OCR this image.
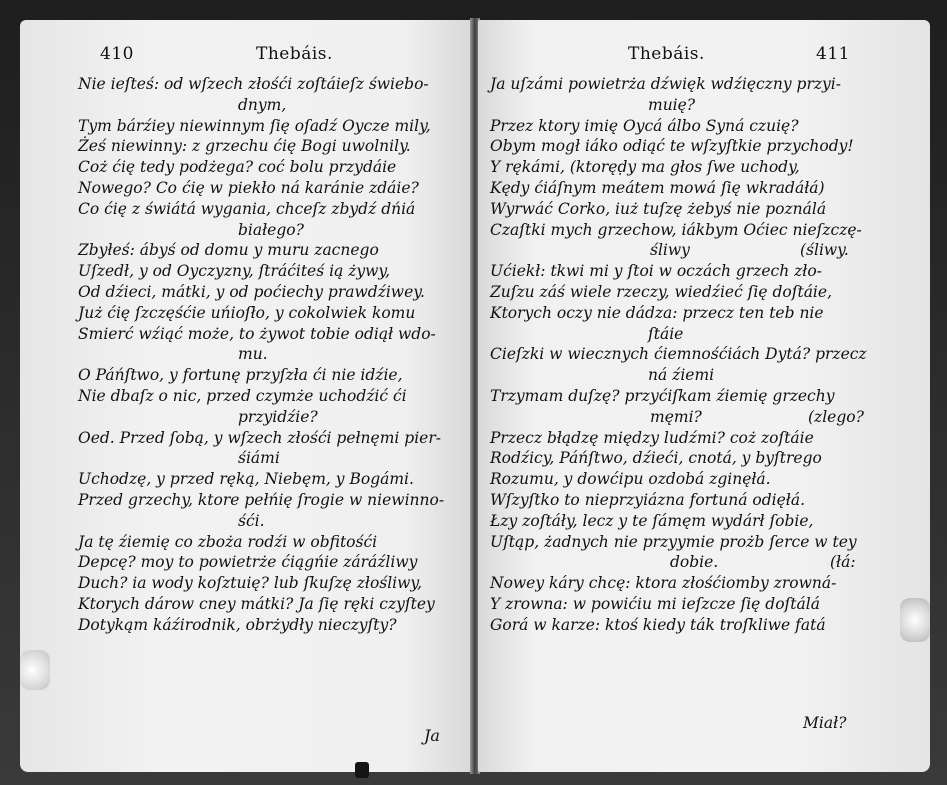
410	Thebáis.
Nie ieſteś: od wſzech złośći zoſtáieſz świebo-
dnym,
Tym bárźiey niewinnym ſię oſadź Oycze mily,
Żeś niewinny: z grzechu ćię Bogi uwolnily.
Coż ćię tedy podżega? coć bolu przydáie
Nowego? Co ćię w piekło ná karánie zdáie?
Co ćię z świátá wygania, chceſz zbydź dńiá
białego?
Zbyłeś: ábyś od domu y muru zacnego
Uſzedł, y od Oyczyzny, ſtráćiteś ią żywy,
Od dźieci, mátki, y od poćiechy prawdźiwey.
Już ćię ſzczęśćie uńioſło, y cokolwiek komu
Smierć wźiąć może, to żywot tobie odiął wdo-
mu.
O Páńſtwo, y fortunę przyſzła ći nie idźie,
Nie dbaſz o nic, przed czymże uchodźić ći
przyidźie?
Oed. Przed ſobą, y wſzech złośći pełnęmi pier-
śiámi
Uchodzę, y przed ręką, Niebęm, y Bogámi.
Przed grzechy, ktore pełńię ſrogie w niewinno-
śći.
Ja tę źiemię co zboża rodźi w obfitośći
Depcę? moy to powietrże ćiągńie záráźliwy
Duch? ia wody koſztuię? lub ſkuſzę złośliwy,
Ktorych dárow cney mátki? Ja ſię ręki czyſtey
Dotykąm káźirodnik, obrżydły nieczyſty?
Ja
Thebáis.	411
Ja uſzámi powietrża dźwięk wdźięczny przyi-
muię?
Przez ktory imię Oycá álbo Syná czuię?
Obym mogł iáko odiąć te wſzyſtkie przychody!
Y rękámi, (ktoręḍy ma głos ſwe uchody,
Kędy ćiáſnym meátem mowá ſię wkradáłá)
Wyrwáć Corko, iuż tuſzę żebyś nie poználá
Czaſtki mych grzechow, iákbym Oćiec nieſzczę-
śliwy	(śliwy.
Ućiekł: tkwi mi y ſtoi w oczách grzech zło-
Zuſzu záś wiele rzeczy, wiedźieć ſię doſtáie,
Ktorych oczy nie dádza: przecz ten teb nie
ſtáie
Cieſzki w wiecznych ćiemnośćiách Dytá? przecz
ná źiemi
Trzymam duſzę? przyćiſkam źiemię grzechy
męmi?	(zlego?
Przecz błądzę między ludźmi? coż zoſtáie
Rodźicy, Páńſtwo, dźieći, cnotá, y byſtrego
Rozumu, y dowćipu ozdobá zginęłá.
Wſzyſtko to nieprzyiázna fortuná odięłá.
Łzy zoſtáły, lecz y te ſámęm wydárł ſobie,
Uſtąp, żadnych nie przyymie prożb ſerce w tey
dobie.	(łá:
Nowey káry chcę: ktora złośćiomby zrowná-
Y zrowna: w powićiu mi ieſzcze ſię doſtálá
Gorá w karze: ktoś kiedy ták troſkliwe fatá
Miał?
